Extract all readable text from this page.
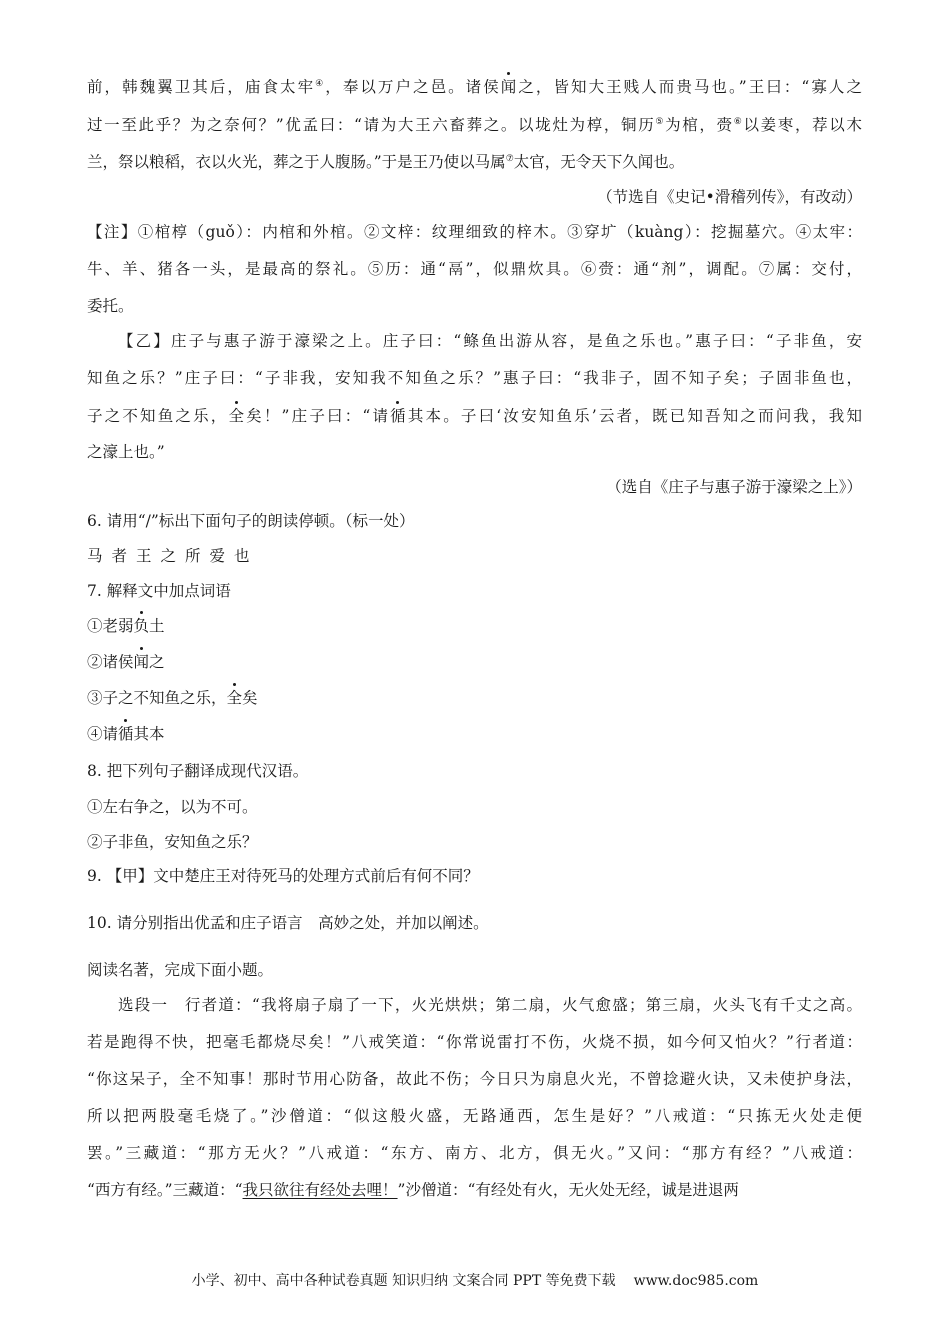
前，韩魏翼卫其后，庙食太牢④，奉以万户之邑。诸侯闻之，皆知大王贱人而贵马也。”王曰：“寡人之
过一至此乎？为之奈何？”优孟曰：“请为大王六畜葬之。以垅灶为椁，铜历⑤为棺，赍⑥以姜枣，荐以木
兰，祭以粮稻，衣以火光，葬之于人腹肠。”于是王乃使以马属⑦太官，无令天下久闻也。
（节选自《史记•滑稽列传》，有改动）
【注】①棺椁（guǒ）：内棺和外棺。②文梓：纹理细致的梓木。③穿圹（kuàng）：挖掘墓穴。④太牢：
牛、羊、猪各一头，是最高的祭礼。⑤历：通“鬲”，似鼎炊具。⑥赍：通“剂”，调配。⑦属：交付，
委托。
【乙】庄子与惠子游于濠梁之上。庄子曰：“鲦鱼出游从容，是鱼之乐也。”惠子曰：“子非鱼，安
知鱼之乐？”庄子曰：“子非我，安知我不知鱼之乐？”惠子曰：“我非子，固不知子矣；子固非鱼也，
子之不知鱼之乐，全矣！”庄子曰：“请循其本。子曰‘汝安知鱼乐’云者，既已知吾知之而问我，我知
之濠上也。”
（选自《庄子与惠子游于濠梁之上》）
6. 请用“/”标出下面句子的朗读停顿。（标一处）
马者王之所爱也
7. 解释文中加点词语
①老弱负土
②诸侯闻之
③子之不知鱼之乐，全矣
④请循其本
8. 把下列句子翻译成现代汉语。
①左右争之，以为不可。
②子非鱼，安知鱼之乐？
9. 【甲】文中楚庄王对待死马的处理方式前后有何不同？
10. 请分别指出优孟和庄子语言　高妙之处，并加以阐述。
阅读名著，完成下面小题。
选段一　行者道：“我将扇子扇了一下，火光烘烘；第二扇，火气愈盛；第三扇，火头飞有千丈之高。
若是跑得不快，把毫毛都烧尽矣！”八戒笑道：“你常说雷打不伤，火烧不损，如今何又怕火？”行者道：
“你这呆子，全不知事！那时节用心防备，故此不伤；今日只为扇息火光，不曾捻避火诀，又未使护身法，
所以把两股毫毛烧了。”沙僧道：“似这般火盛，无路通西，怎生是好？”八戒道：“只拣无火处走便
罢。”三藏道：“那方无火？”八戒道：“东方、南方、北方，俱无火。”又问：“那方有经？”八戒道：
“西方有经。”三藏道：“我只欲往有经处去哩！”沙僧道：“有经处有火，无火处无经，诚是进退两
小学、初中、高中各种试卷真题 知识归纳 文案合同 PPT 等免费下载 www.doc985.com
